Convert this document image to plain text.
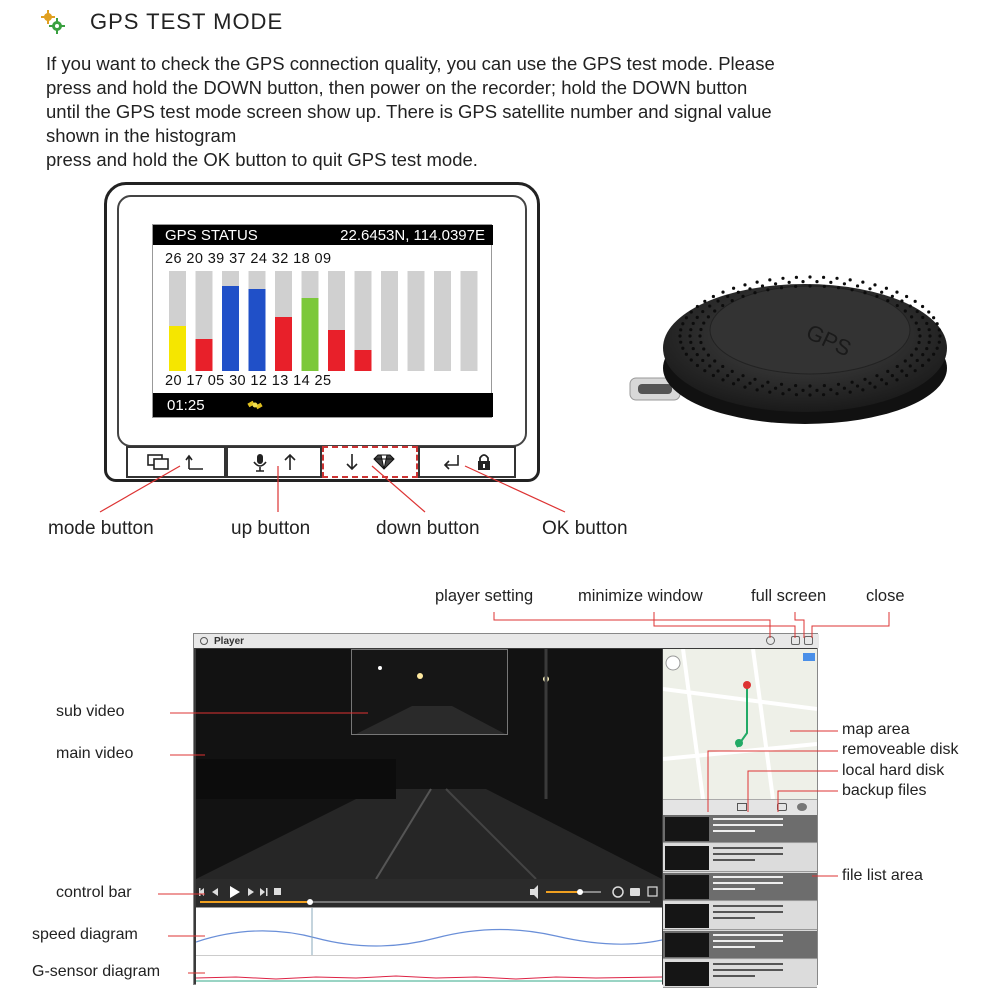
GPS TEST MODE

If you want to check the GPS connection quality, you can use the GPS test mode. Please

press and hold the DOWN button, then power on the recorder; hold the DOWN button

until the GPS test mode screen show up. There is GPS satellite number and signal value

shown in the histogram

press and hold the OK button to quit GPS test mode.

GPS STATUS	22.6453N, 114.0397E
26 20 39 37 24 32 18 09
20 17 05 30 12 13 14 25
01:25
mode button	up button	down button	OK button
GPS
player setting	minimize window	full screen close
sub video
main video
control bar
speed diagram
G-sensor diagram
map area
removeable disk
local hard disk
backup files
file list area
Player
